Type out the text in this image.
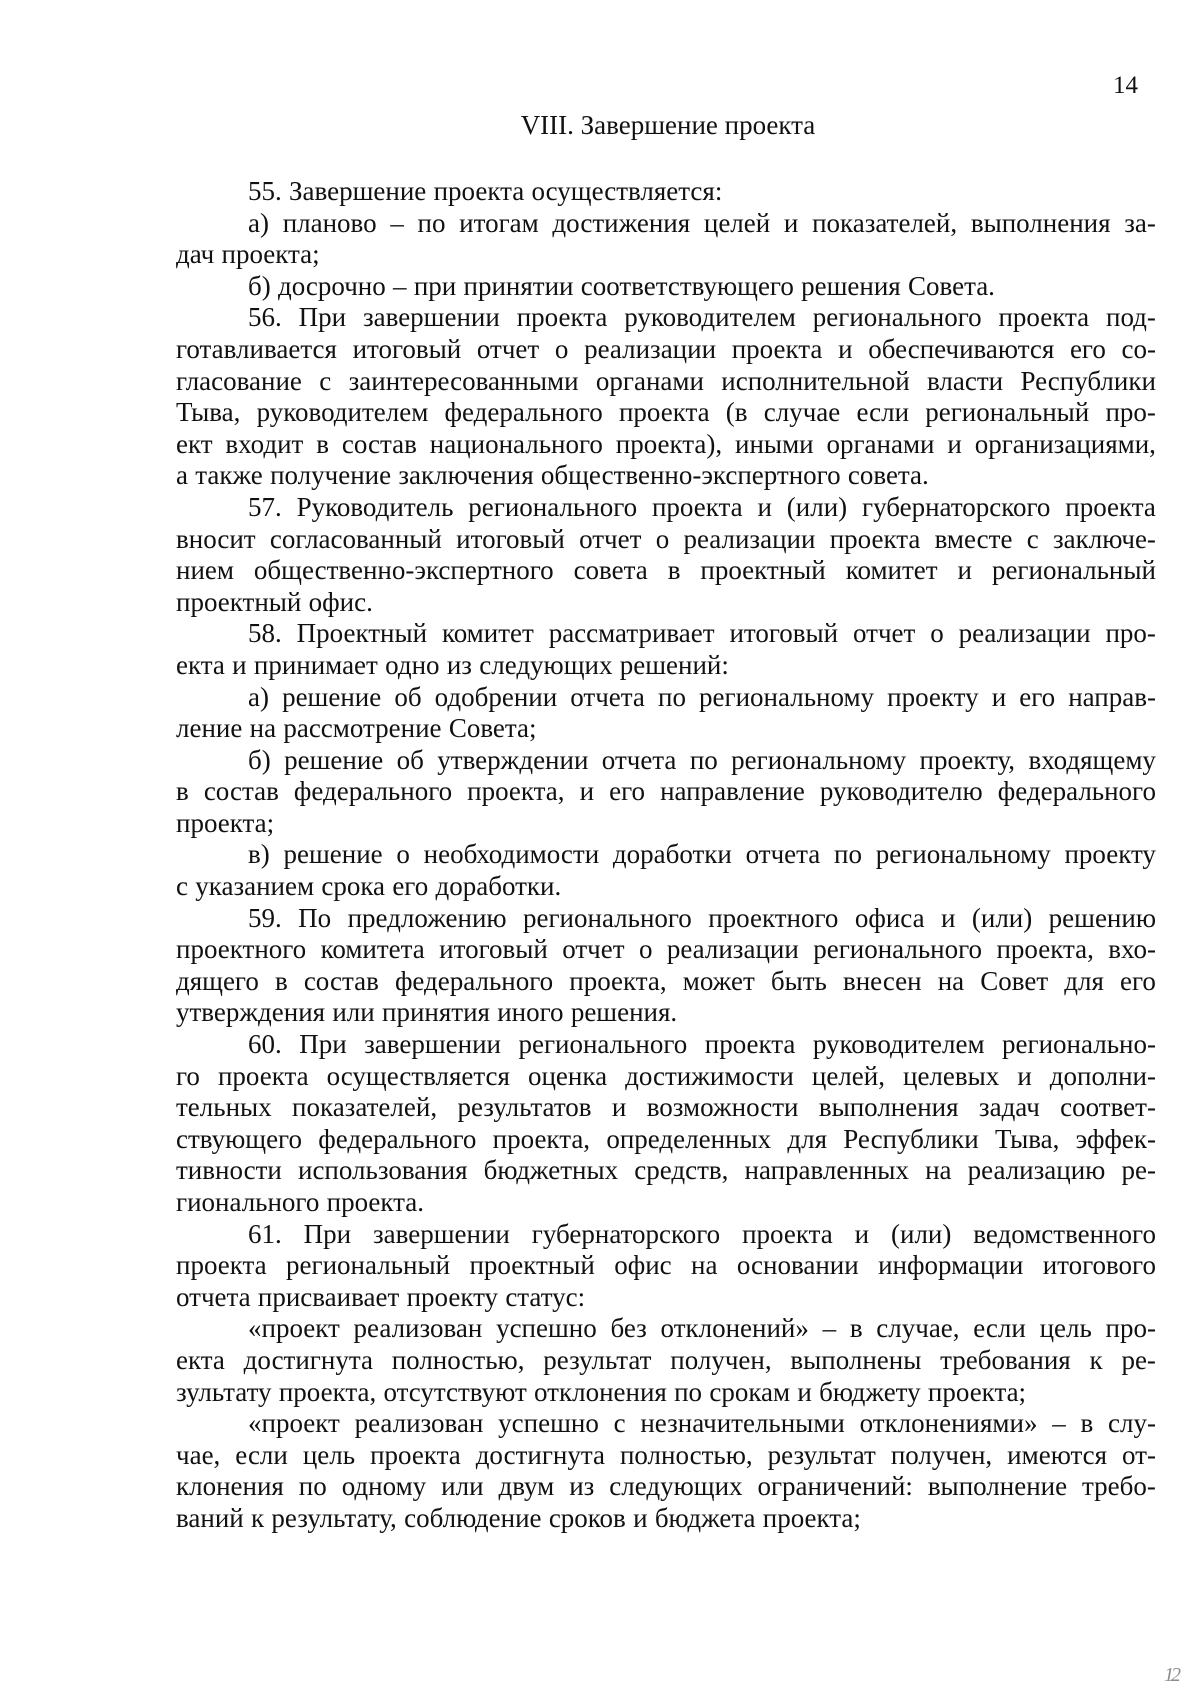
14
VIII. Завершение проекта
55. Завершение проекта осуществляется:
а) планово – по итогам достижения целей и показателей, выполнения за-
дач проекта;
б) досрочно – при принятии соответствующего решения Совета.
56. При завершении проекта руководителем регионального проекта под-
готавливается итоговый отчет о реализации проекта и обеспечиваются его со-
гласование с заинтересованными органами исполнительной власти Республики
Тыва, руководителем федерального проекта (в случае если региональный про-
ект входит в состав национального проекта), иными органами и организациями,
а также получение заключения общественно-экспертного совета.
57. Руководитель регионального проекта и (или) губернаторского проекта
вносит согласованный итоговый отчет о реализации проекта вместе с заключе-
нием общественно-экспертного совета в проектный комитет и региональный
проектный офис.
58. Проектный комитет рассматривает итоговый отчет о реализации про-
екта и принимает одно из следующих решений:
а) решение об одобрении отчета по региональному проекту и его направ-
ление на рассмотрение Совета;
б) решение об утверждении отчета по региональному проекту, входящему
в состав федерального проекта, и его направление руководителю федерального
проекта;
в) решение о необходимости доработки отчета по региональному проекту
с указанием срока его доработки.
59. По предложению регионального проектного офиса и (или) решению
проектного комитета итоговый отчет о реализации регионального проекта, вхо-
дящего в состав федерального проекта, может быть внесен на Совет для его
утверждения или принятия иного решения.
60. При завершении регионального проекта руководителем регионально-
го проекта осуществляется оценка достижимости целей, целевых и дополни-
тельных показателей, результатов и возможности выполнения задач соответ-
ствующего федерального проекта, определенных для Республики Тыва, эффек-
тивности использования бюджетных средств, направленных на реализацию ре-
гионального проекта.
61. При завершении губернаторского проекта и (или) ведомственного
проекта региональный проектный офис на основании информации итогового
отчета присваивает проекту статус:
«проект реализован успешно без отклонений» – в случае, если цель про-
екта достигнута полностью, результат получен, выполнены требования к ре-
зультату проекта, отсутствуют отклонения по срокам и бюджету проекта;
«проект реализован успешно с незначительными отклонениями» – в слу-
чае, если цель проекта достигнута полностью, результат получен, имеются от-
клонения по одному или двум из следующих ограничений: выполнение требо-
ваний к результату, соблюдение сроков и бюджета проекта;
12
